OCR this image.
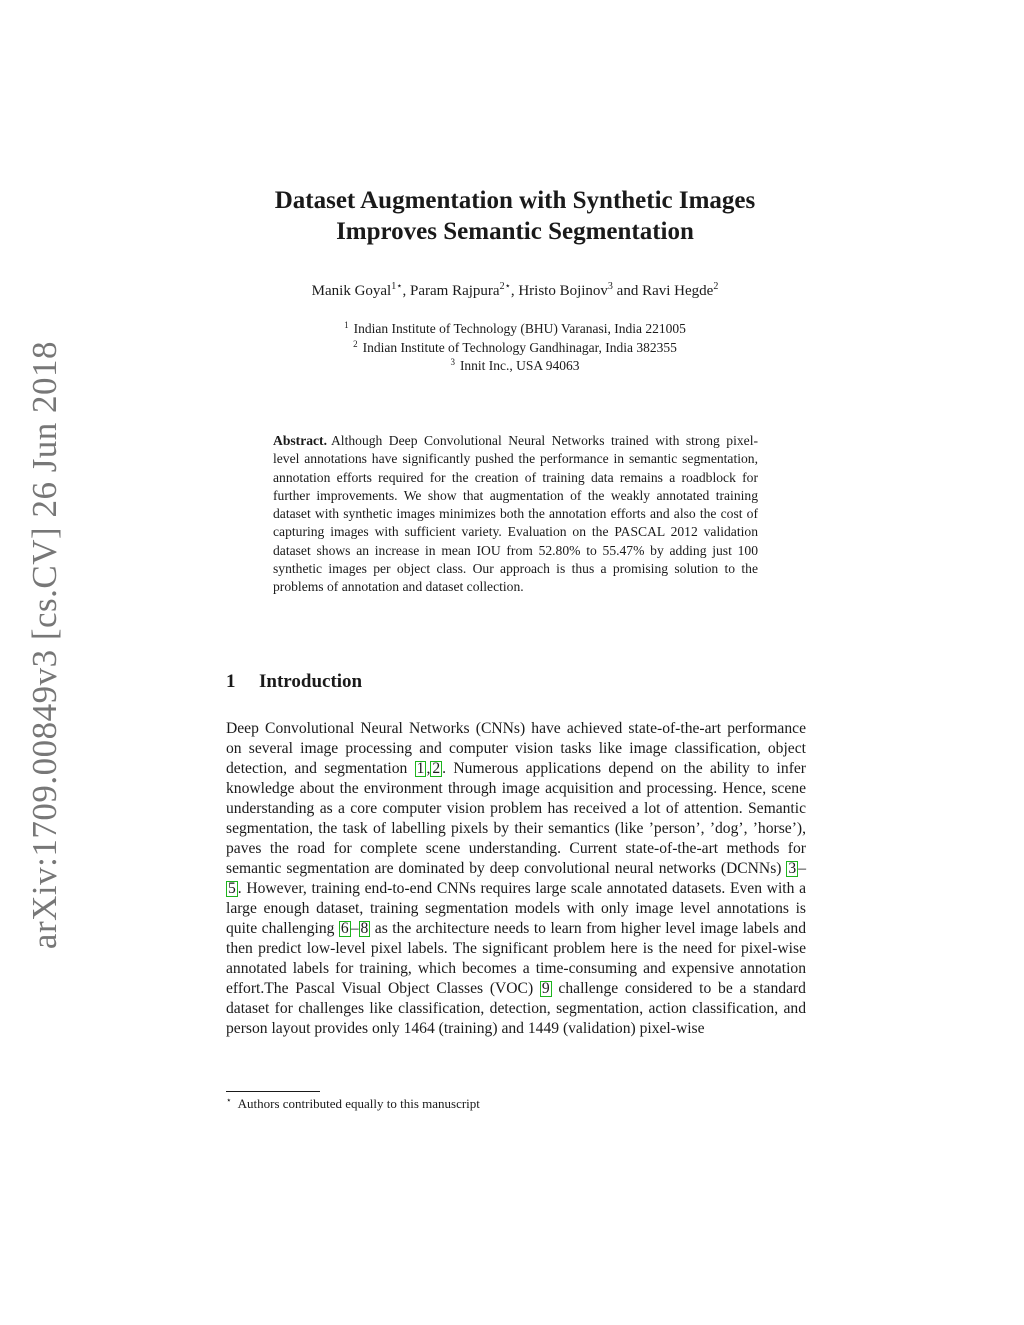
arXiv:1709.00849v3 [cs.CV] 26 Jun 2018
Dataset Augmentation with Synthetic Images
Improves Semantic Segmentation
Manik Goyal$^{1⋆}$, Param Rajpura$^{2⋆}$, Hristo Bojinov$^3$ and Ravi Hegde$^2$
$^1$ Indian Institute of Technology (BHU) Varanasi, India 221005
$^2$ Indian Institute of Technology Gandhinagar, India 382355
$^3$ Innit Inc., USA 94063
Abstract. Although Deep Convolutional Neural Networks trained with strong pixel-level annotations have significantly pushed the performance in semantic segmentation, annotation efforts required for the creation of training data remains a roadblock for further improvements. We show that augmentation of the weakly annotated training dataset with synthetic images minimizes both the annotation efforts and also the cost of capturing images with sufficient variety. Evaluation on the PASCAL 2012 validation dataset shows an increase in mean IOU from 52.80% to 55.47% by adding just 100 synthetic images per object class. Our approach is thus a promising solution to the problems of annotation and dataset collection.
1 Introduction
Deep Convolutional Neural Networks (CNNs) have achieved state-of-the-art performance on several image processing and computer vision tasks like image classification, object detection, and segmentation 1 , 2 . Numerous applications depend on the ability to infer knowledge about the environment through image acquisition and processing. Hence, scene understanding as a core computer vision problem has received a lot of attention. Semantic segmentation, the task of labelling pixels by their semantics (like ’person’, ’dog’, ’horse’), paves the road for complete scene understanding. Current state-of-the-art methods for semantic segmentation are dominated by deep convolutional neural networks (DCNNs) 3 –5 . However, training end-to-end CNNs requires large scale annotated datasets. Even with a large enough dataset, training segmentation models with only image level annotations is quite challenging 6 – 8 as the architecture needs to learn from higher level image labels and then predict low-level pixel labels. The significant problem here is the need for pixel-wise annotated labels for training, which becomes a time-consuming and expensive annotation effort.The Pascal Visual Object Classes (VOC) 9 challenge considered to be a standard dataset for challenges like classification, detection, segmentation, action classification, and person layout provides only 1464 (training) and 1449 (validation) pixel-wise
⋆ Authors contributed equally to this manuscript
